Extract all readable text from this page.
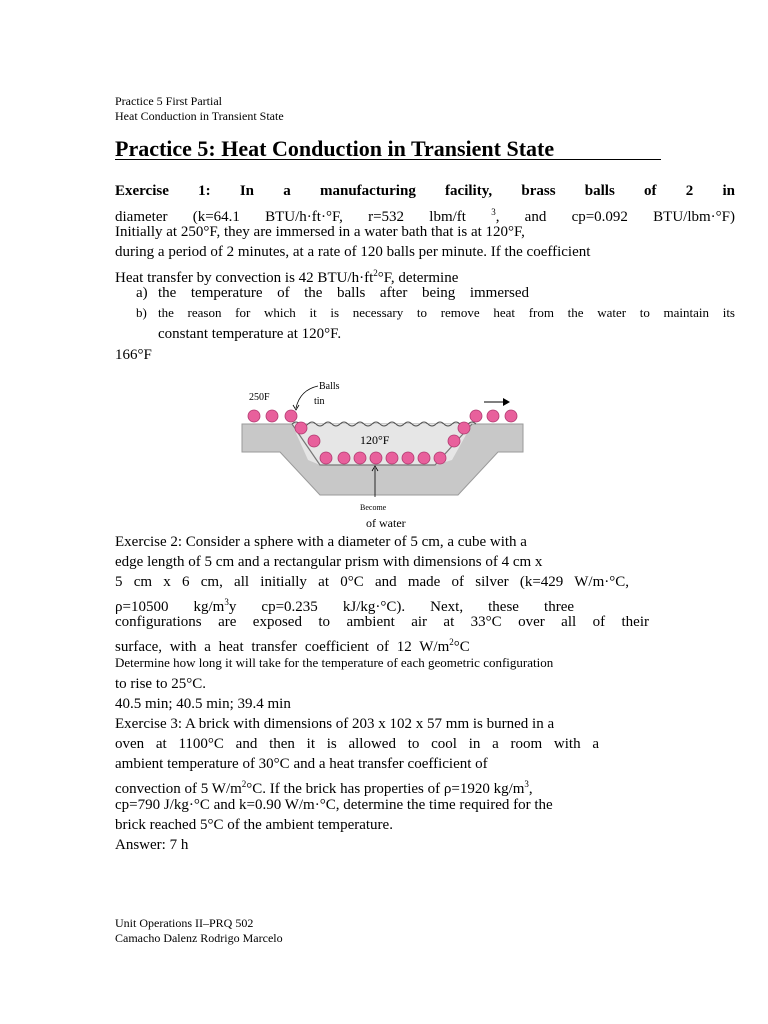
Practice 5 First Partial
Heat Conduction in Transient State
Practice 5: Heat Conduction in Transient State
Exercise 1: In a manufacturing facility, brass balls of 2 in
diameter (k=64.1 BTU/h·ft·°F, r=532 lbm/ft $^3$, and cp=0.092 BTU/lbm·°F)
Initially at 250°F, they are immersed in a water bath that is at 120°F,
during a period of 2 minutes, at a rate of 120 balls per minute. If the coefficient
Heat transfer by convection is 42 BTU/$h\cdot ft^2^\circ F$, determine
a) the temperature of the balls after being immersed
b) the reason for which it is necessary to remove heat from the water to maintain its
constant temperature at 120°F.
166°F
250F
Balls
tin
120°F
Become
of water
Exercise 2: Consider a sphere with a diameter of 5 cm, a cube with a
edge length of 5 cm and a rectangular prism with dimensions of 4 cm x
5 cm x 6 cm, all initially at 0°C and made of silver (k=429 W/m·°C,
ρ=10500 $kg/m^3y$ cp=0.235 kJ/kg·°C). Next, these three
configurations are exposed to ambient air at 33°C over all of their
surface, with a heat transfer coefficient of 12 $W/m^2^\circ C$
Determine how long it will take for the temperature of each geometric configuration
to rise to 25°C.
40.5 min; 40.5 min; 39.4 min
Exercise 3: A brick with dimensions of 203 x 102 x 57 mm is burned in a
oven at 1100°C and then it is allowed to cool in a room with a
ambient temperature of 30°C and a heat transfer coefficient of
convection of 5 $W/m^2^\circ C$. If the brick has properties of ρ=1920 $kg/m^3$,
cp=790 J/kg·°C and k=0.90 W/m·°C, determine the time required for the
brick reached 5°C of the ambient temperature.
Answer: 7 h
Unit Operations II–PRQ 502
Camacho Dalenz Rodrigo Marcelo
